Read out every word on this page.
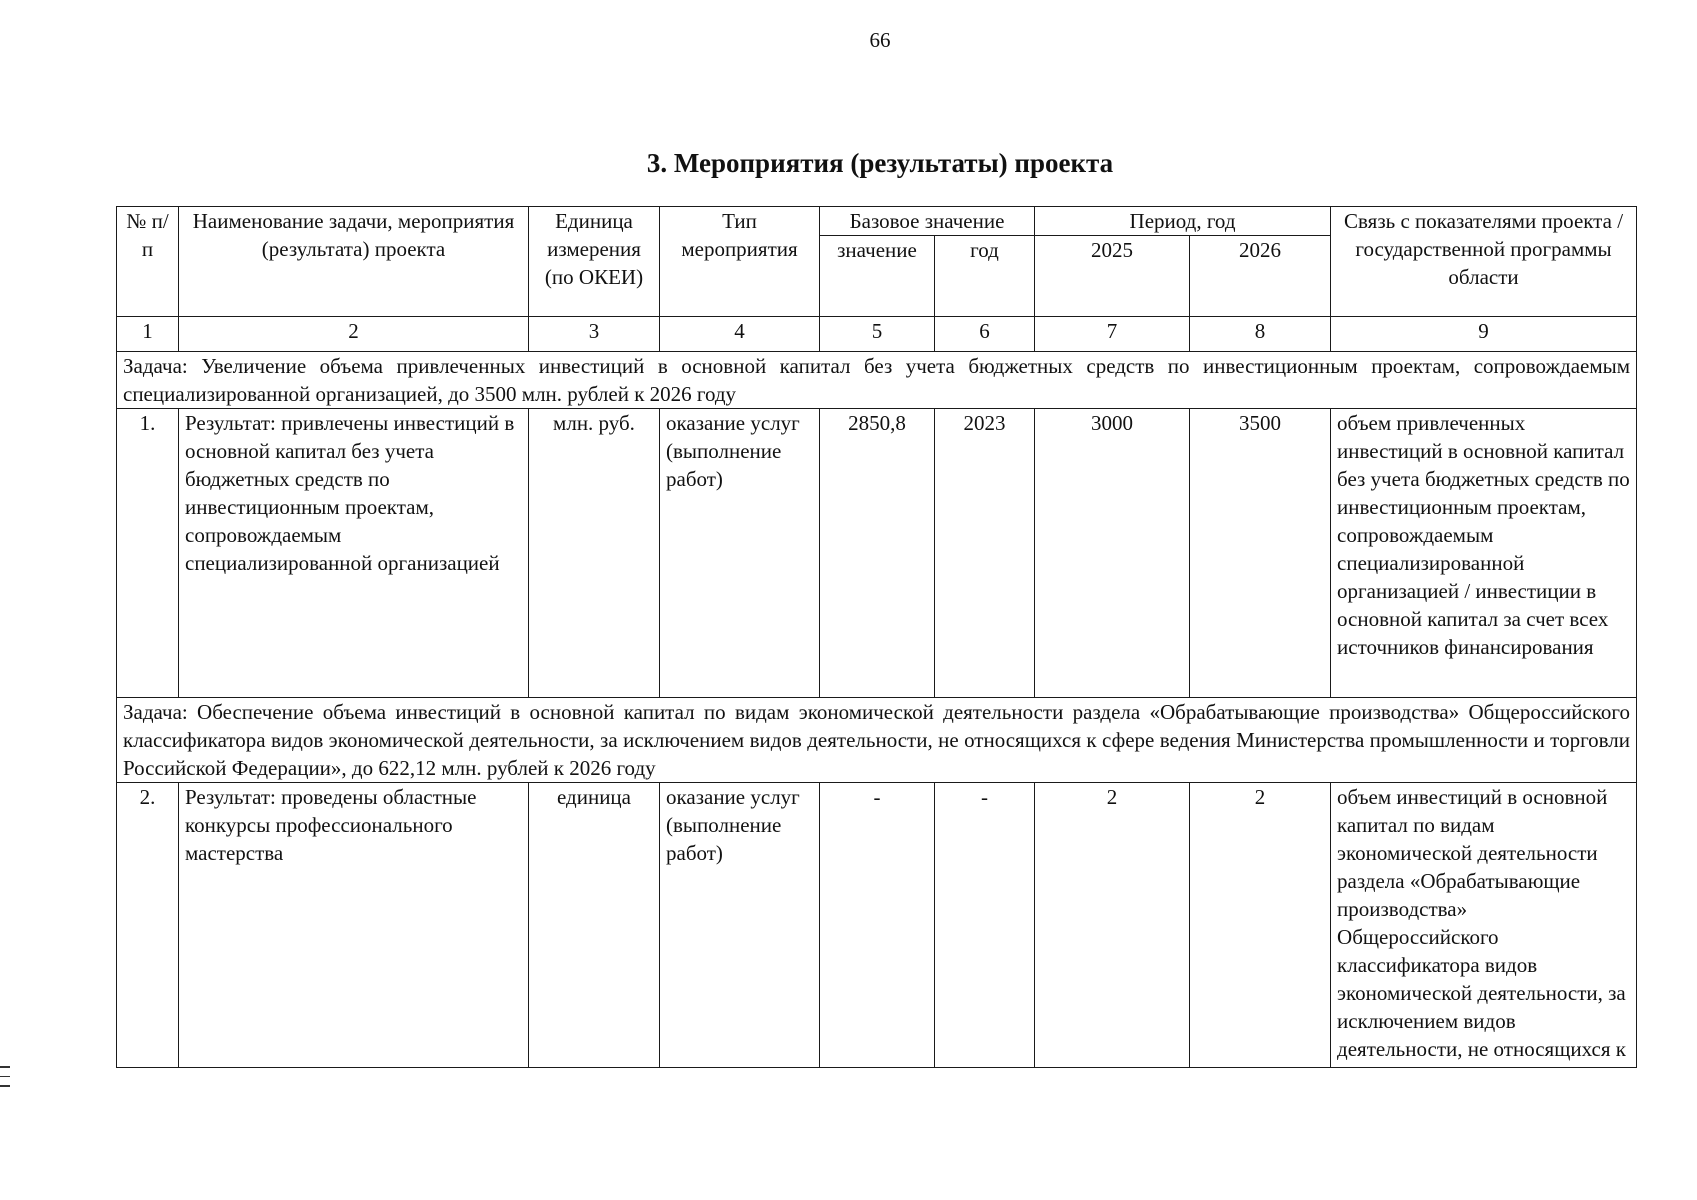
66
3. Мероприятия (результаты) проекта
№ п/п	Наименование задачи, мероприятия (результата) проекта	Единица измерения (по ОКЕИ)	Тип мероприятия	Базовое значение		Период, год		Связь с показателями проекта / государственной программы области
				значение	год	2025	2026	
1	2	3	4	5	6	7	8	9
Задача: Увеличение объема привлеченных инвестиций в основной капитал без учета бюджетных средств по инвестиционным проектам, сопровождаемым специализированной организацией, до 3500 млн. рублей к 2026 году								
1.	Результат: привлечены инвестиций в основной капитал без учета бюджетных средств по инвестиционным проектам, сопровождаемым специализированной организацией	млн. руб.	оказание услуг (выполнение работ)	2850,8	2023	3000	3500	объем привлеченных инвестиций в основной капитал без учета бюджетных средств по инвестиционным проектам, сопровождаемым специализированной организацией / инвестиции в основной капитал за счет всех источников финансирования
Задача: Обеспечение объема инвестиций в основной капитал по видам экономической деятельности раздела «Обрабатывающие производства» Общероссийского классификатора видов экономической деятельности, за исключением видов деятельности, не относящихся к сфере ведения Министерства промышленности и торговли Российской Федерации», до 622,12 млн. рублей к 2026 году								
2.	Результат: проведены областные конкурсы профессионального мастерства	единица	оказание услуг (выполнение работ)	-	-	2	2	объем инвестиций в основной капитал по видам экономической деятельности раздела «Обрабатывающие производства» Общероссийского классификатора видов экономической деятельности, за исключением видов деятельности, не относящихся к
